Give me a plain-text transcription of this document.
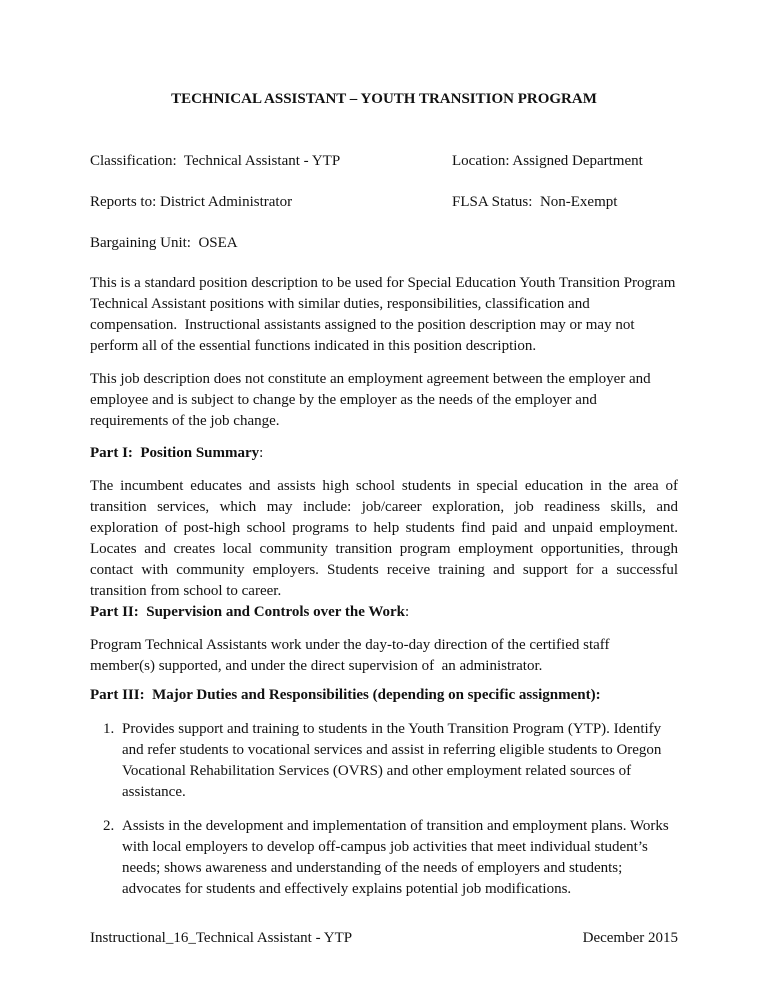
TECHNICAL ASSISTANT – YOUTH TRANSITION PROGRAM
Classification:  Technical Assistant - YTP	Location: Assigned Department
Reports to: District Administrator	FLSA Status:  Non-Exempt
Bargaining Unit:  OSEA

This is a standard position description to be used for Special Education Youth Transition Program Technical Assistant positions with similar duties, responsibilities, classification and compensation.  Instructional assistants assigned to the position description may or may not perform all of the essential functions indicated in this position description.

This job description does not constitute an employment agreement between the employer and employee and is subject to change by the employer as the needs of the employer and requirements of the job change.

Part I:  Position Summary:

The incumbent educates and assists high school students in special education in the area of transition services, which may include: job/career exploration, job readiness skills, and exploration of post-high school programs to help students find paid and unpaid employment. Locates and creates local community transition program employment opportunities, through contact with community employers. Students receive training and support for a successful transition from school to career.

Part II:  Supervision and Controls over the Work:

Program Technical Assistants work under the day-to-day direction of the certified staff member(s) supported, and under the direct supervision of  an administrator.

Part III:  Major Duties and Responsibilities (depending on specific assignment):

1. Provides support and training to students in the Youth Transition Program (YTP). Identify and refer students to vocational services and assist in referring eligible students to Oregon Vocational Rehabilitation Services (OVRS) and other employment related sources of assistance.
2. Assists in the development and implementation of transition and employment plans. Works with local employers to develop off-campus job activities that meet individual student’s needs; shows awareness and understanding of the needs of employers and students; advocates for students and effectively explains potential job modifications.
Instructional_16_Technical Assistant - YTP	December 2015
